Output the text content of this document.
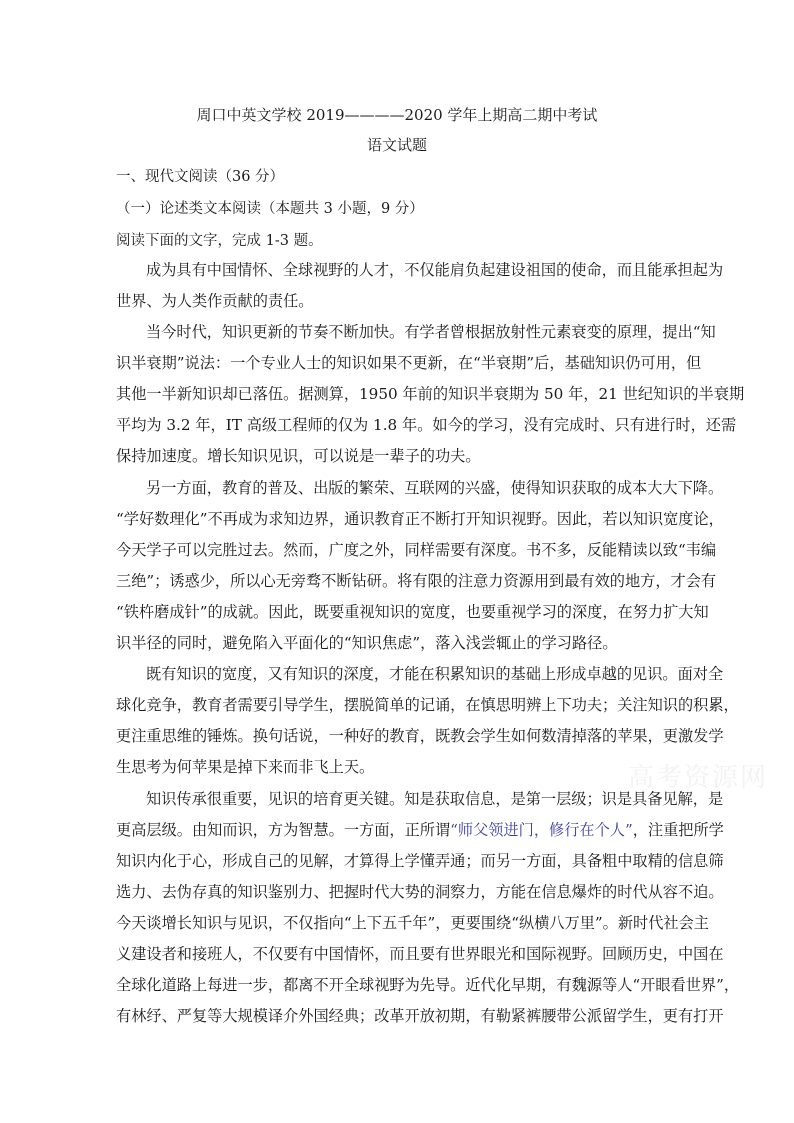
周口中英文学校 2019————2020 学年上期高二期中考试
语文试题
一、现代文阅读（36 分）
（一）论述类文本阅读（本题共 3 小题，9 分）
阅读下面的文字，完成 1-3 题。
成为具有中国情怀、全球视野的人才，不仅能肩负起建设祖国的使命，而且能承担起为
世界、为人类作贡献的责任。
当今时代，知识更新的节奏不断加快。有学者曾根据放射性元素衰变的原理，提出“知
识半衰期”说法：一个专业人士的知识如果不更新，在“半衰期”后，基础知识仍可用，但
其他一半新知识却已落伍。据测算，1950 年前的知识半衰期为 50 年，21 世纪知识的半衰期
平均为 3.2 年，IT 高级工程师的仅为 1.8 年。如今的学习，没有完成时、只有进行时，还需
保持加速度。增长知识见识，可以说是一辈子的功夫。
另一方面，教育的普及、出版的繁荣、互联网的兴盛，使得知识获取的成本大大下降。
“学好数理化”不再成为求知边界，通识教育正不断打开知识视野。因此，若以知识宽度论，
今天学子可以完胜过去。然而，广度之外，同样需要有深度。书不多，反能精读以致“韦编
三绝”；诱惑少，所以心无旁骛不断钻研。将有限的注意力资源用到最有效的地方，才会有
“铁杵磨成针”的成就。因此，既要重视知识的宽度，也要重视学习的深度，在努力扩大知
识半径的同时，避免陷入平面化的“知识焦虑”，落入浅尝辄止的学习路径。
既有知识的宽度，又有知识的深度，才能在积累知识的基础上形成卓越的见识。面对全
球化竞争，教育者需要引导学生，摆脱简单的记诵，在慎思明辨上下功夫；关注知识的积累，
更注重思维的锤炼。换句话说，一种好的教育，既教会学生如何数清掉落的苹果，更激发学
生思考为何苹果是掉下来而非飞上天。	高考资源网
知识传承很重要，见识的培育更关键。知是获取信息，是第一层级；识是具备见解，是
更高层级。由知而识，方为智慧。一方面，正所谓“师父领进门，修行在个人”，注重把所学
知识内化于心，形成自己的见解，才算得上学懂弄通；而另一方面，具备粗中取精的信息筛
选力、去伪存真的知识鉴别力、把握时代大势的洞察力，方能在信息爆炸的时代从容不迫。
今天谈增长知识与见识，不仅指向“上下五千年”，更要围绕“纵横八万里”。新时代社会主
义建设者和接班人，不仅要有中国情怀，而且要有世界眼光和国际视野。回顾历史，中国在
全球化道路上每进一步，都离不开全球视野为先导。近代化早期，有魏源等人“开眼看世界”，
有林纾、严复等大规模译介外国经典；改革开放初期，有勒紧裤腰带公派留学生，更有打开
